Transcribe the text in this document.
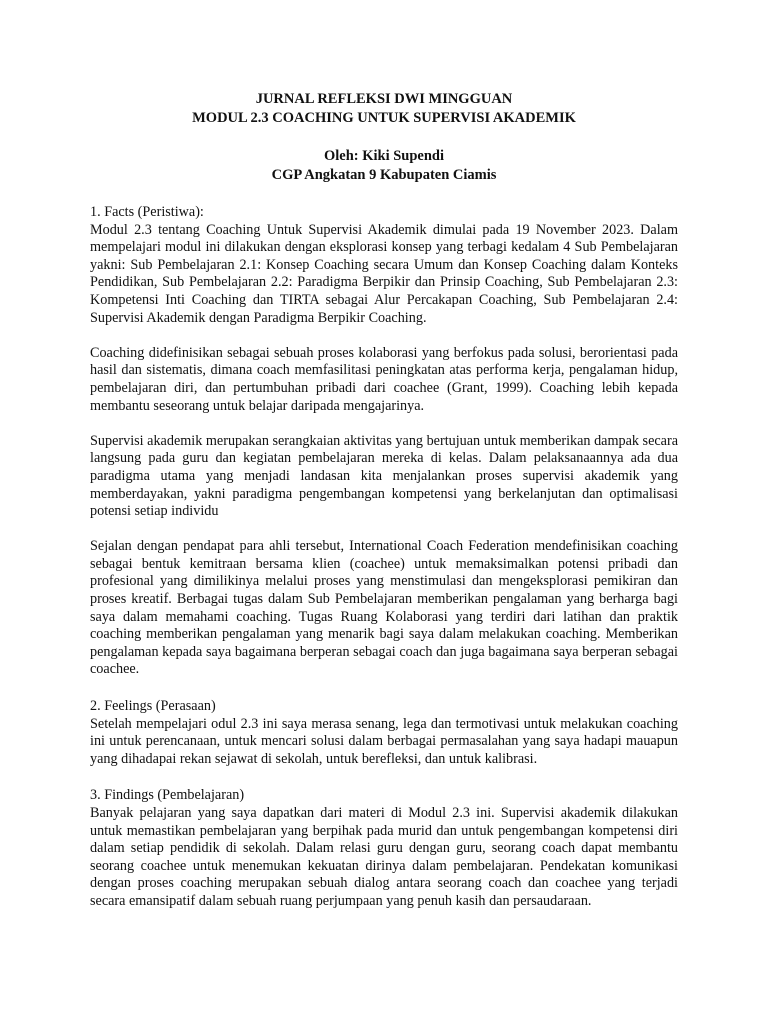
JURNAL REFLEKSI DWI MINGGUAN

MODUL 2.3 COACHING UNTUK SUPERVISI AKADEMIK

Oleh: Kiki Supendi

CGP Angkatan 9 Kabupaten Ciamis

1. Facts (Peristiwa):

Modul 2.3 tentang Coaching Untuk Supervisi Akademik dimulai pada 19 November 2023. Dalam mempelajari modul ini dilakukan dengan eksplorasi konsep yang terbagi kedalam 4 Sub Pembelajaran yakni: Sub Pembelajaran 2.1: Konsep Coaching secara Umum dan Konsep Coaching dalam Konteks Pendidikan, Sub Pembelajaran 2.2: Paradigma Berpikir dan Prinsip Coaching, Sub Pembelajaran 2.3: Kompetensi Inti Coaching dan TIRTA sebagai Alur Percakapan Coaching, Sub Pembelajaran 2.4: Supervisi Akademik dengan Paradigma Berpikir Coaching.

Coaching didefinisikan sebagai sebuah proses kolaborasi yang berfokus pada solusi, berorientasi pada hasil dan sistematis, dimana coach memfasilitasi peningkatan atas performa kerja, pengalaman hidup, pembelajaran diri, dan pertumbuhan pribadi dari coachee (Grant, 1999). Coaching lebih kepada membantu seseorang untuk belajar daripada mengajarinya.

Supervisi akademik merupakan serangkaian aktivitas yang bertujuan untuk memberikan dampak secara langsung pada guru dan kegiatan pembelajaran mereka di kelas. Dalam pelaksanaannya ada dua paradigma utama yang menjadi landasan kita menjalankan proses supervisi akademik yang memberdayakan, yakni paradigma pengembangan kompetensi yang berkelanjutan dan optimalisasi potensi setiap individu

Sejalan dengan pendapat para ahli tersebut, International Coach Federation mendefinisikan coaching sebagai bentuk kemitraan bersama klien (coachee) untuk memaksimalkan potensi pribadi dan profesional yang dimilikinya melalui proses yang menstimulasi dan mengeksplorasi pemikiran dan proses kreatif. Berbagai tugas dalam Sub Pembelajaran memberikan pengalaman yang berharga bagi saya dalam memahami coaching. Tugas Ruang Kolaborasi yang terdiri dari latihan dan praktik coaching memberikan pengalaman yang menarik bagi saya dalam melakukan coaching. Memberikan pengalaman kepada saya bagaimana berperan sebagai coach dan juga bagaimana saya berperan sebagai coachee.

2. Feelings (Perasaan)

Setelah mempelajari odul 2.3 ini saya merasa senang, lega dan termotivasi untuk melakukan coaching ini untuk perencanaan, untuk mencari solusi dalam berbagai permasalahan yang saya hadapi mauapun yang dihadapai rekan sejawat di sekolah, untuk berefleksi, dan untuk kalibrasi.

3. Findings (Pembelajaran)

Banyak pelajaran yang saya dapatkan dari materi di Modul 2.3 ini. Supervisi akademik dilakukan untuk memastikan pembelajaran yang berpihak pada murid dan untuk pengembangan kompetensi diri dalam setiap pendidik di sekolah. Dalam relasi guru dengan guru, seorang coach dapat membantu seorang coachee untuk menemukan kekuatan dirinya dalam pembelajaran. Pendekatan komunikasi dengan proses coaching merupakan sebuah dialog antara seorang coach dan coachee yang terjadi secara emansipatif dalam sebuah ruang perjumpaan yang penuh kasih dan persaudaraan.
